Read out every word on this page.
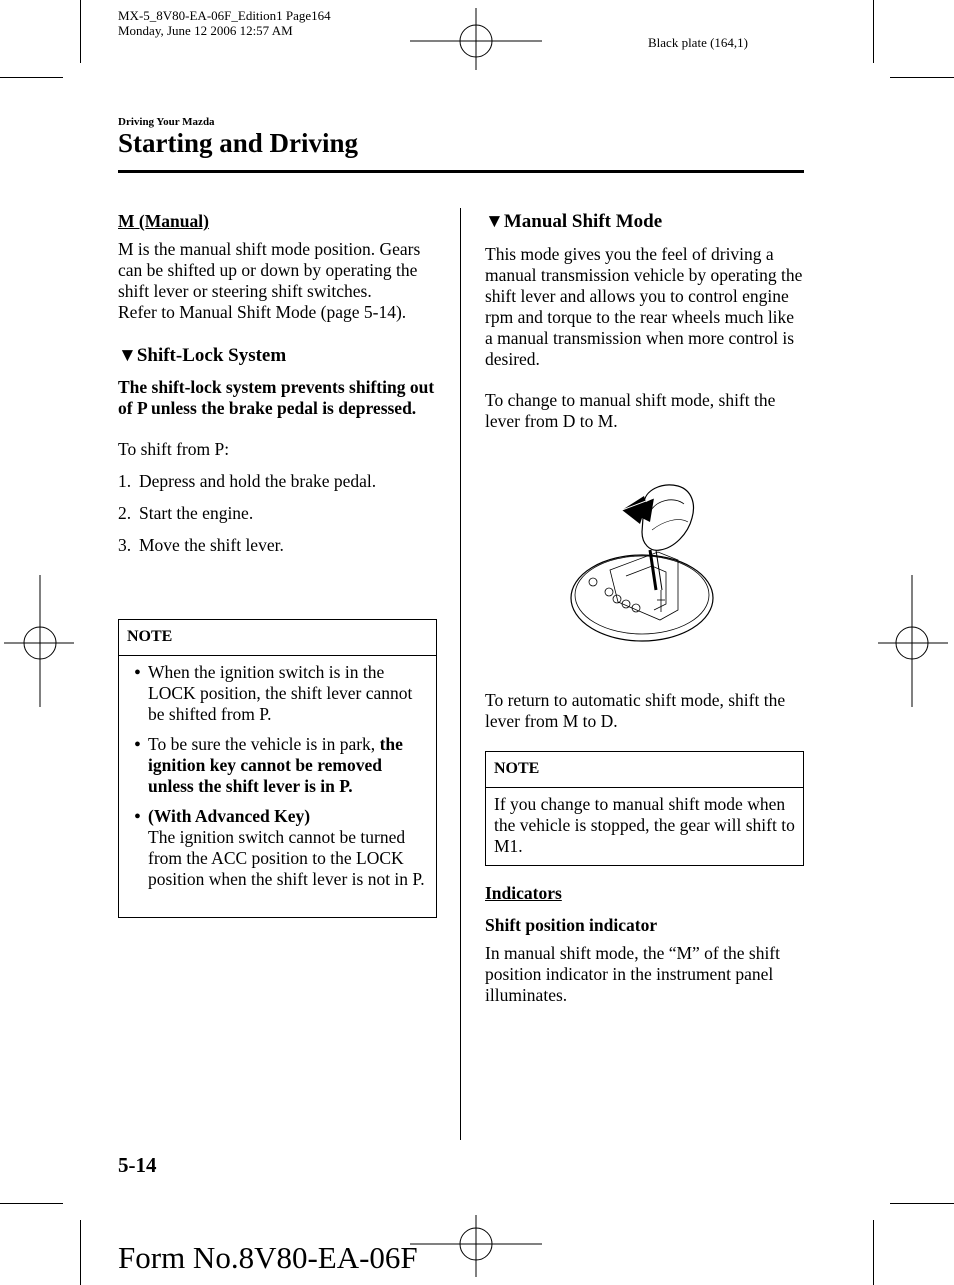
MX-5_8V80-EA-06F_Edition1 Page164
Monday, June 12 2006 12:57 AM
Black plate (164,1)
Driving Your Mazda
Starting and Driving

M (Manual)

M is the manual shift mode position. Gears can be shifted up or down by operating the shift lever or steering shift switches.

Refer to Manual Shift Mode (page 5-14).

▼Shift-Lock System

The shift-lock system prevents shifting out of P unless the brake pedal is depressed.

To shift from P:

1. Depress and hold the brake pedal.
2. Start the engine.
3. Move the shift lever.
NOTE
● When the ignition switch is in the LOCK position, the shift lever cannot be shifted from P.
● To be sure the vehicle is in park, the ignition key cannot be removed unless the shift lever is in P.
● (With Advanced Key)
The ignition switch cannot be turned from the ACC position to the LOCK position when the shift lever is not in P.

▼Manual Shift Mode

This mode gives you the feel of driving a manual transmission vehicle by operating the shift lever and allows you to control engine rpm and torque to the rear wheels much like a manual transmission when more control is desired.

To change to manual shift mode, shift the lever from D to M.

To return to automatic shift mode, shift the lever from M to D.
NOTE
If you change to manual shift mode when the vehicle is stopped, the gear will shift to M1.

Indicators

Shift position indicator

In manual shift mode, the “M” of the shift position indicator in the instrument panel illuminates.

5-14
Form No.8V80-EA-06F
